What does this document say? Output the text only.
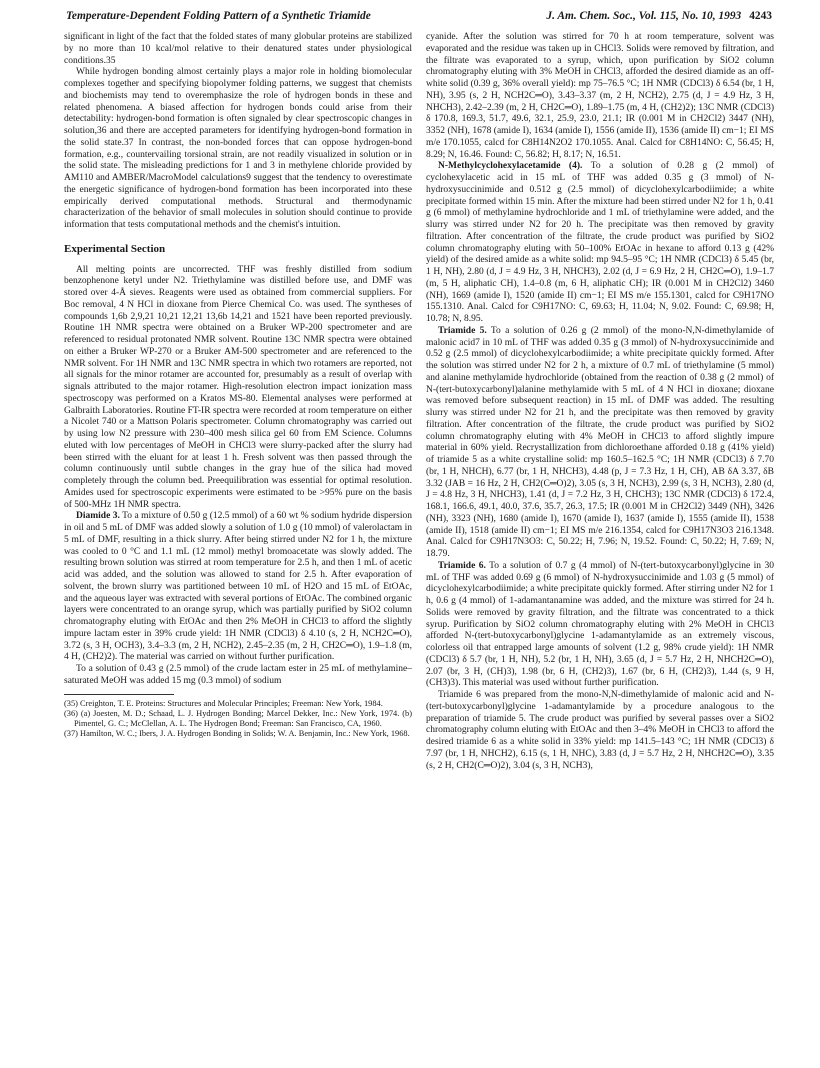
Temperature-Dependent Folding Pattern of a Synthetic Triamide	J. Am. Chem. Soc., Vol. 115, No. 10, 1993 4243

significant in light of the fact that the folded states of many globular proteins are stabilized by no more than 10 kcal/mol relative to their denatured states under physiological conditions.35

While hydrogen bonding almost certainly plays a major role in holding biomolecular complexes together and specifying biopolymer folding patterns, we suggest that chemists and biochemists may tend to overemphasize the role of hydrogen bonds in these and related phenomena. A biased affection for hydrogen bonds could arise from their detectability: hydrogen-bond formation is often signaled by clear spectroscopic changes in solution,36 and there are accepted parameters for identifying hydrogen-bond formation in the solid state.37 In contrast, the non-bonded forces that can oppose hydrogen-bond formation, e.g., countervailing torsional strain, are not readily visualized in solution or in the solid state. The misleading predictions for 1 and 3 in methylene chloride provided by AM110 and AMBER/MacroModel calculations9 suggest that the tendency to overestimate the energetic significance of hydrogen-bond formation has been incorporated into these empirically derived computational methods. Structural and thermodynamic characterization of the behavior of small molecules in solution should continue to provide information that tests computational methods and the chemist's intuition.

Experimental Section

All melting points are uncorrected. THF was freshly distilled from sodium benzophenone ketyl under N2. Triethylamine was distilled before use, and DMF was stored over 4-Å sieves. Reagents were used as obtained from commercial suppliers. For Boc removal, 4 N HCl in dioxane from Pierce Chemical Co. was used. The syntheses of compounds 1,6b 2,9,21 10,21 12,21 13,6b 14,21 and 1521 have been reported previously. Routine 1H NMR spectra were obtained on a Bruker WP-200 spectrometer and are referenced to residual protonated NMR solvent. Routine 13C NMR spectra were obtained on either a Bruker WP-270 or a Bruker AM-500 spectrometer and are referenced to the NMR solvent. For 1H NMR and 13C NMR spectra in which two rotamers are reported, not all signals for the minor rotamer are accounted for, presumably as a result of overlap with signals attributed to the major rotamer. High-resolution electron impact ionization mass spectroscopy was performed on a Kratos MS-80. Elemental analyses were performed at Galbraith Laboratories. Routine FT-IR spectra were recorded at room temperature on either a Nicolet 740 or a Mattson Polaris spectrometer. Column chromatography was carried out by using low N2 pressure with 230–400 mesh silica gel 60 from EM Science. Columns eluted with low percentages of MeOH in CHCl3 were slurry-packed after the slurry had been stirred with the eluant for at least 1 h. Fresh solvent was then passed through the column continuously until subtle changes in the gray hue of the silica had moved completely through the column bed. Preequilibration was essential for optimal resolution. Amides used for spectroscopic experiments were estimated to be >95% pure on the basis of 500-MHz 1H NMR spectra.

Diamide 3. To a mixture of 0.50 g (12.5 mmol) of a 60 wt % sodium hydride dispersion in oil and 5 mL of DMF was added slowly a solution of 1.0 g (10 mmol) of valerolactam in 5 mL of DMF, resulting in a thick slurry. After being stirred under N2 for 1 h, the mixture was cooled to 0 °C and 1.1 mL (12 mmol) methyl bromoacetate was slowly added. The resulting brown solution was stirred at room temperature for 2.5 h, and then 1 mL of acetic acid was added, and the solution was allowed to stand for 2.5 h. After evaporation of solvent, the brown slurry was partitioned between 10 mL of H2O and 15 mL of EtOAc, and the aqueous layer was extracted with several portions of EtOAc. The combined organic layers were concentrated to an orange syrup, which was partially purified by SiO2 column chromatography eluting with EtOAc and then 2% MeOH in CHCl3 to afford the slightly impure lactam ester in 39% crude yield: 1H NMR (CDCl3) δ 4.10 (s, 2 H, NCH2C═O), 3.72 (s, 3 H, OCH3), 3.4–3.3 (m, 2 H, NCH2), 2.45–2.35 (m, 2 H, CH2C═O), 1.9–1.8 (m, 4 H, (CH2)2). The material was carried on without further purification.

To a solution of 0.43 g (2.5 mmol) of the crude lactam ester in 25 mL of methylamine–saturated MeOH was added 15 mg (0.3 mmol) of sodium

(35) Creighton, T. E. Proteins: Structures and Molecular Principles; Freeman: New York, 1984.
(36) (a) Joesten, M. D.; Schaad, L. J. Hydrogen Bonding; Marcel Dekker, Inc.: New York, 1974. (b) Pimentel, G. C.; McClellan, A. L. The Hydrogen Bond; Freeman: San Francisco, CA, 1960.
(37) Hamilton, W. C.; Ibers, J. A. Hydrogen Bonding in Solids; W. A. Benjamin, Inc.: New York, 1968.

cyanide. After the solution was stirred for 70 h at room temperature, solvent was evaporated and the residue was taken up in CHCl3. Solids were removed by filtration, and the filtrate was evaporated to a syrup, which, upon purification by SiO2 column chromatography eluting with 3% MeOH in CHCl3, afforded the desired diamide as an off-white solid (0.39 g, 36% overall yield): mp 75–76.5 °C; 1H NMR (CDCl3) δ 6.54 (br, 1 H, NH), 3.95 (s, 2 H, NCH2C═O), 3.43–3.37 (m, 2 H, NCH2), 2.75 (d, J = 4.9 Hz, 3 H, NHCH3), 2.42–2.39 (m, 2 H, CH2C═O), 1.89–1.75 (m, 4 H, (CH2)2); 13C NMR (CDCl3) δ 170.8, 169.3, 51.7, 49.6, 32.1, 25.9, 23.0, 21.1; IR (0.001 M in CH2Cl2) 3447 (NH), 3352 (NH), 1678 (amide I), 1634 (amide I), 1556 (amide II), 1536 (amide II) cm−1; EI MS m/e 170.1055, calcd for C8H14N2O2 170.1055. Anal. Calcd for C8H14NO: C, 56.45; H, 8.29; N, 16.46. Found: C, 56.82; H, 8.17; N, 16.51.

N-Methylcyclohexylacetamide (4). To a solution of 0.28 g (2 mmol) of cyclohexylacetic acid in 15 mL of THF was added 0.35 g (3 mmol) of N-hydroxysuccinimide and 0.512 g (2.5 mmol) of dicyclohexylcarbodiimide; a white precipitate formed within 15 min. After the mixture had been stirred under N2 for 1 h, 0.41 g (6 mmol) of methylamine hydrochloride and 1 mL of triethylamine were added, and the slurry was stirred under N2 for 20 h. The precipitate was then removed by gravity filtration. After concentration of the filtrate, the crude product was purified by SiO2 column chromatography eluting with 50–100% EtOAc in hexane to afford 0.13 g (42% yield) of the desired amide as a white solid: mp 94.5–95 °C; 1H NMR (CDCl3) δ 5.45 (br, 1 H, NH), 2.80 (d, J = 4.9 Hz, 3 H, NHCH3), 2.02 (d, J = 6.9 Hz, 2 H, CH2C═O), 1.9–1.7 (m, 5 H, aliphatic CH), 1.4–0.8 (m, 6 H, aliphatic CH); IR (0.001 M in CH2Cl2) 3460 (NH), 1669 (amide I), 1520 (amide II) cm−1; EI MS m/e 155.1301, calcd for C9H17NO 155.1310. Anal. Calcd for C9H17NO: C, 69.63; H, 11.04; N, 9.02. Found: C, 69.98; H, 10.78; N, 8.95.

Triamide 5. To a solution of 0.26 g (2 mmol) of the mono-N,N-dimethylamide of malonic acid7 in 10 mL of THF was added 0.35 g (3 mmol) of N-hydroxysuccinimide and 0.52 g (2.5 mmol) of dicyclohexylcarbodiimide; a white precipitate quickly formed. After the solution was stirred under N2 for 2 h, a mixture of 0.7 mL of triethylamine (5 mmol) and alanine methylamide hydrochloride (obtained from the reaction of 0.38 g (2 mmol) of N-(tert-butoxycarbonyl)alanine methylamide with 5 mL of 4 N HCl in dioxane; dioxane was removed before subsequent reaction) in 15 mL of DMF was added. The resulting slurry was stirred under N2 for 21 h, and the precipitate was then removed by gravity filtration. After concentration of the filtrate, the crude product was purified by SiO2 column chromatography eluting with 4% MeOH in CHCl3 to afford slightly impure material in 60% yield. Recrystallization from dichloroethane afforded 0.18 g (41% yield) of triamide 5 as a white crystalline solid: mp 160.5–162.5 °C; 1H NMR (CDCl3) δ 7.70 (br, 1 H, NHCH), 6.77 (br, 1 H, NHCH3), 4.48 (p, J = 7.3 Hz, 1 H, CH), AB δA 3.37, δB 3.32 (JAB = 16 Hz, 2 H, CH2(C═O)2), 3.05 (s, 3 H, NCH3), 2.99 (s, 3 H, NCH3), 2.80 (d, J = 4.8 Hz, 3 H, NHCH3), 1.41 (d, J = 7.2 Hz, 3 H, CHCH3); 13C NMR (CDCl3) δ 172.4, 168.1, 166.6, 49.1, 40.0, 37.6, 35.7, 26.3, 17.5; IR (0.001 M in CH2Cl2) 3449 (NH), 3426 (NH), 3323 (NH), 1680 (amide I), 1670 (amide I), 1637 (amide I), 1555 (amide II), 1538 (amide II), 1518 (amide II) cm−1; EI MS m/e 216.1354, calcd for C9H17N3O3 216.1348. Anal. Calcd for C9H17N3O3: C, 50.22; H, 7.96; N, 19.52. Found: C, 50.22; H, 7.69; N, 18.79.

Triamide 6. To a solution of 0.7 g (4 mmol) of N-(tert-butoxycarbonyl)glycine in 30 mL of THF was added 0.69 g (6 mmol) of N-hydroxysuccinimide and 1.03 g (5 mmol) of dicyclohexylcarbodiimide; a white precipitate quickly formed. After stirring under N2 for 1 h, 0.6 g (4 mmol) of 1-adamantanamine was added, and the mixture was stirred for 24 h. Solids were removed by gravity filtration, and the filtrate was concentrated to a thick syrup. Purification by SiO2 column chromatography eluting with 2% MeOH in CHCl3 afforded N-(tert-butoxycarbonyl)glycine 1-adamantylamide as an extremely viscous, colorless oil that entrapped large amounts of solvent (1.2 g, 98% crude yield): 1H NMR (CDCl3) δ 5.7 (br, 1 H, NH), 5.2 (br, 1 H, NH), 3.65 (d, J = 5.7 Hz, 2 H, NHCH2C═O), 2.07 (br, 3 H, (CH)3), 1.98 (br, 6 H, (CH2)3), 1.67 (br, 6 H, (CH2)3), 1.44 (s, 9 H, (CH3)3). This material was used without further purification.

Triamide 6 was prepared from the mono-N,N-dimethylamide of malonic acid and N-(tert-butoxycarbonyl)glycine 1-adamantylamide by a procedure analogous to the preparation of triamide 5. The crude product was purified by several passes over a SiO2 chromatography column eluting with EtOAc and then 3–4% MeOH in CHCl3 to afford the desired triamide 6 as a white solid in 33% yield: mp 141.5–143 °C; 1H NMR (CDCl3) δ 7.97 (br, 1 H, NHCH2), 6.15 (s, 1 H, NHC), 3.83 (d, J = 5.7 Hz, 2 H, NHCH2C═O), 3.35 (s, 2 H, CH2(C═O)2), 3.04 (s, 3 H, NCH3),
